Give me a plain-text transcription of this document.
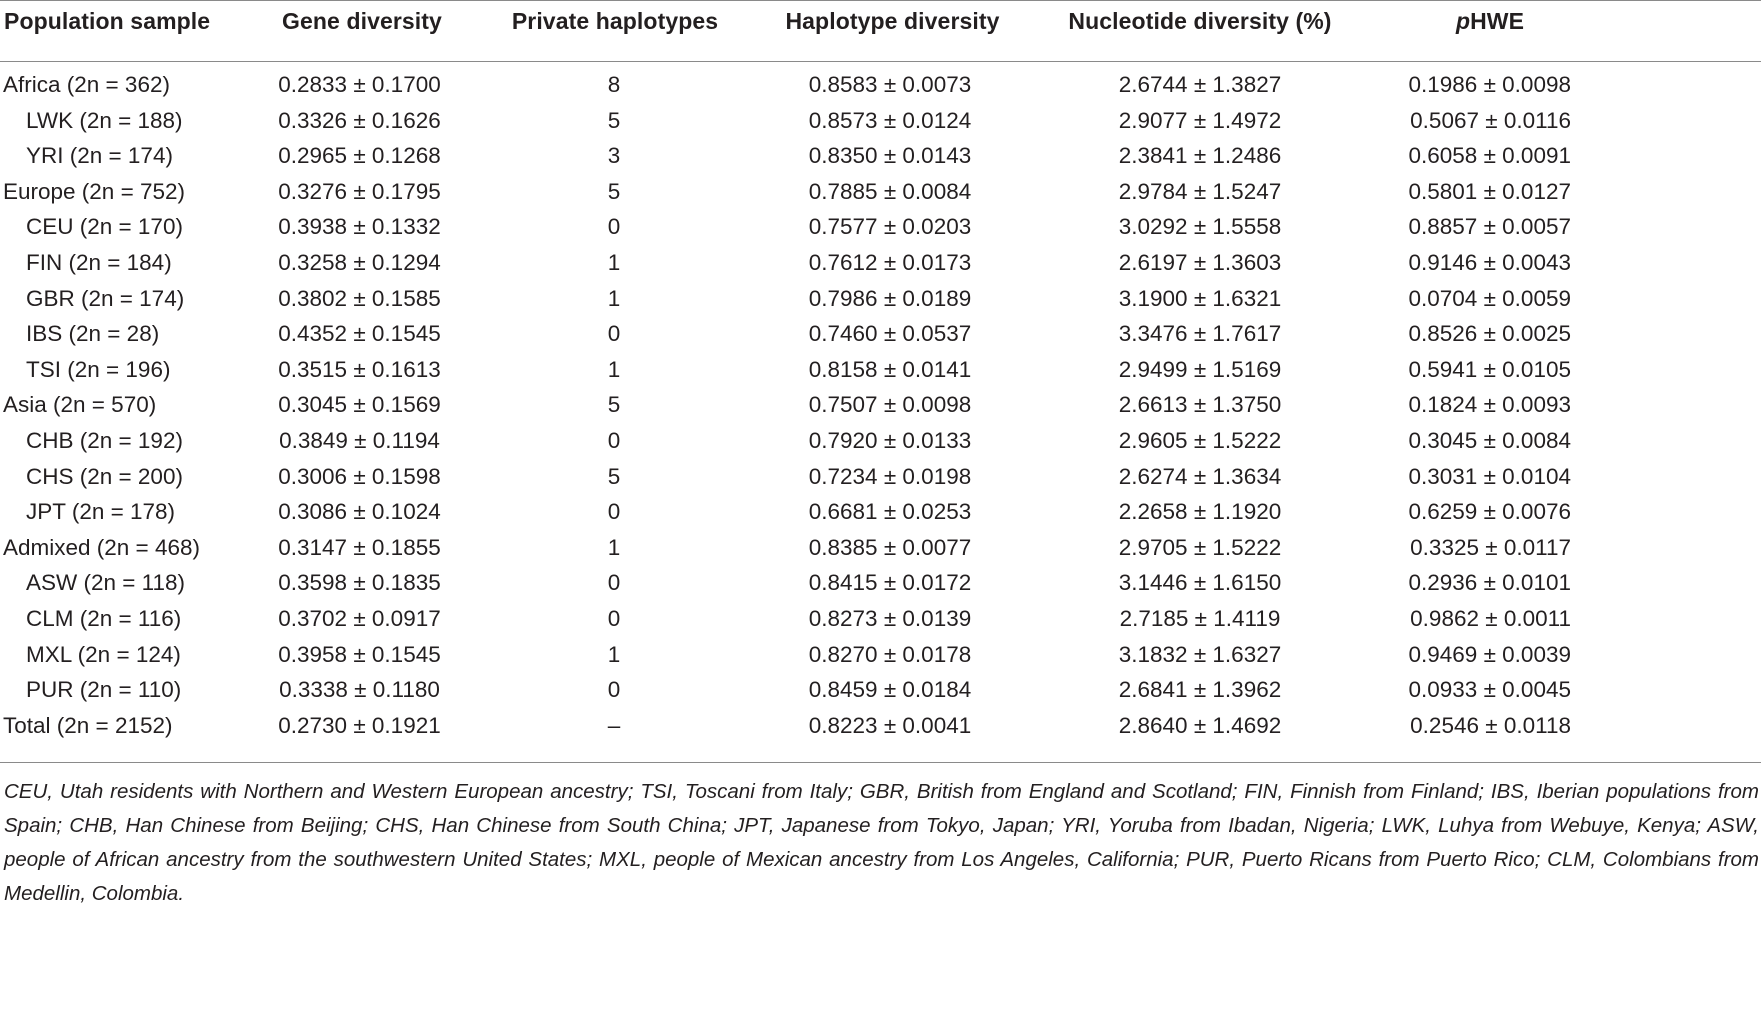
Population sample	Gene diversity	Private haplotypes	Haplotype diversity	Nucleotide diversity (%)	pHWE
Africa (2n = 362)	0.2833 ± 0.1700	8	0.8583 ± 0.0073	2.6744 ± 1.3827	0.1986 ± 0.0098
LWK (2n = 188)	0.3326 ± 0.1626	5	0.8573 ± 0.0124	2.9077 ± 1.4972	0.5067 ± 0.0116
YRI (2n = 174)	0.2965 ± 0.1268	3	0.8350 ± 0.0143	2.3841 ± 1.2486	0.6058 ± 0.0091
Europe (2n = 752)	0.3276 ± 0.1795	5	0.7885 ± 0.0084	2.9784 ± 1.5247	0.5801 ± 0.0127
CEU (2n = 170)	0.3938 ± 0.1332	0	0.7577 ± 0.0203	3.0292 ± 1.5558	0.8857 ± 0.0057
FIN (2n = 184)	0.3258 ± 0.1294	1	0.7612 ± 0.0173	2.6197 ± 1.3603	0.9146 ± 0.0043
GBR (2n = 174)	0.3802 ± 0.1585	1	0.7986 ± 0.0189	3.1900 ± 1.6321	0.0704 ± 0.0059
IBS (2n = 28)	0.4352 ± 0.1545	0	0.7460 ± 0.0537	3.3476 ± 1.7617	0.8526 ± 0.0025
TSI (2n = 196)	0.3515 ± 0.1613	1	0.8158 ± 0.0141	2.9499 ± 1.5169	0.5941 ± 0.0105
Asia (2n = 570)	0.3045 ± 0.1569	5	0.7507 ± 0.0098	2.6613 ± 1.3750	0.1824 ± 0.0093
CHB (2n = 192)	0.3849 ± 0.1194	0	0.7920 ± 0.0133	2.9605 ± 1.5222	0.3045 ± 0.0084
CHS (2n = 200)	0.3006 ± 0.1598	5	0.7234 ± 0.0198	2.6274 ± 1.3634	0.3031 ± 0.0104
JPT (2n = 178)	0.3086 ± 0.1024	0	0.6681 ± 0.0253	2.2658 ± 1.1920	0.6259 ± 0.0076
Admixed (2n = 468)	0.3147 ± 0.1855	1	0.8385 ± 0.0077	2.9705 ± 1.5222	0.3325 ± 0.0117
ASW (2n = 118)	0.3598 ± 0.1835	0	0.8415 ± 0.0172	3.1446 ± 1.6150	0.2936 ± 0.0101
CLM (2n = 116)	0.3702 ± 0.0917	0	0.8273 ± 0.0139	2.7185 ± 1.4119	0.9862 ± 0.0011
MXL (2n = 124)	0.3958 ± 0.1545	1	0.8270 ± 0.0178	3.1832 ± 1.6327	0.9469 ± 0.0039
PUR (2n = 110)	0.3338 ± 0.1180	0	0.8459 ± 0.0184	2.6841 ± 1.3962	0.0933 ± 0.0045
Total (2n = 2152)	0.2730 ± 0.1921	–	0.8223 ± 0.0041	2.8640 ± 1.4692	0.2546 ± 0.0118
CEU, Utah residents with Northern and Western European ancestry; TSI, Toscani from Italy; GBR, British from England and Scotland; FIN, Finnish from Finland; IBS, Iberian populations from Spain; CHB, Han Chinese from Beijing; CHS, Han Chinese from South China; JPT, Japanese from Tokyo, Japan; YRI, Yoruba from Ibadan, Nigeria; LWK, Luhya from Webuye, Kenya; ASW, people of African ancestry from the southwestern United States; MXL, people of Mexican ancestry from Los Angeles, California; PUR, Puerto Ricans from Puerto Rico; CLM, Colombians from Medellin, Colombia.
